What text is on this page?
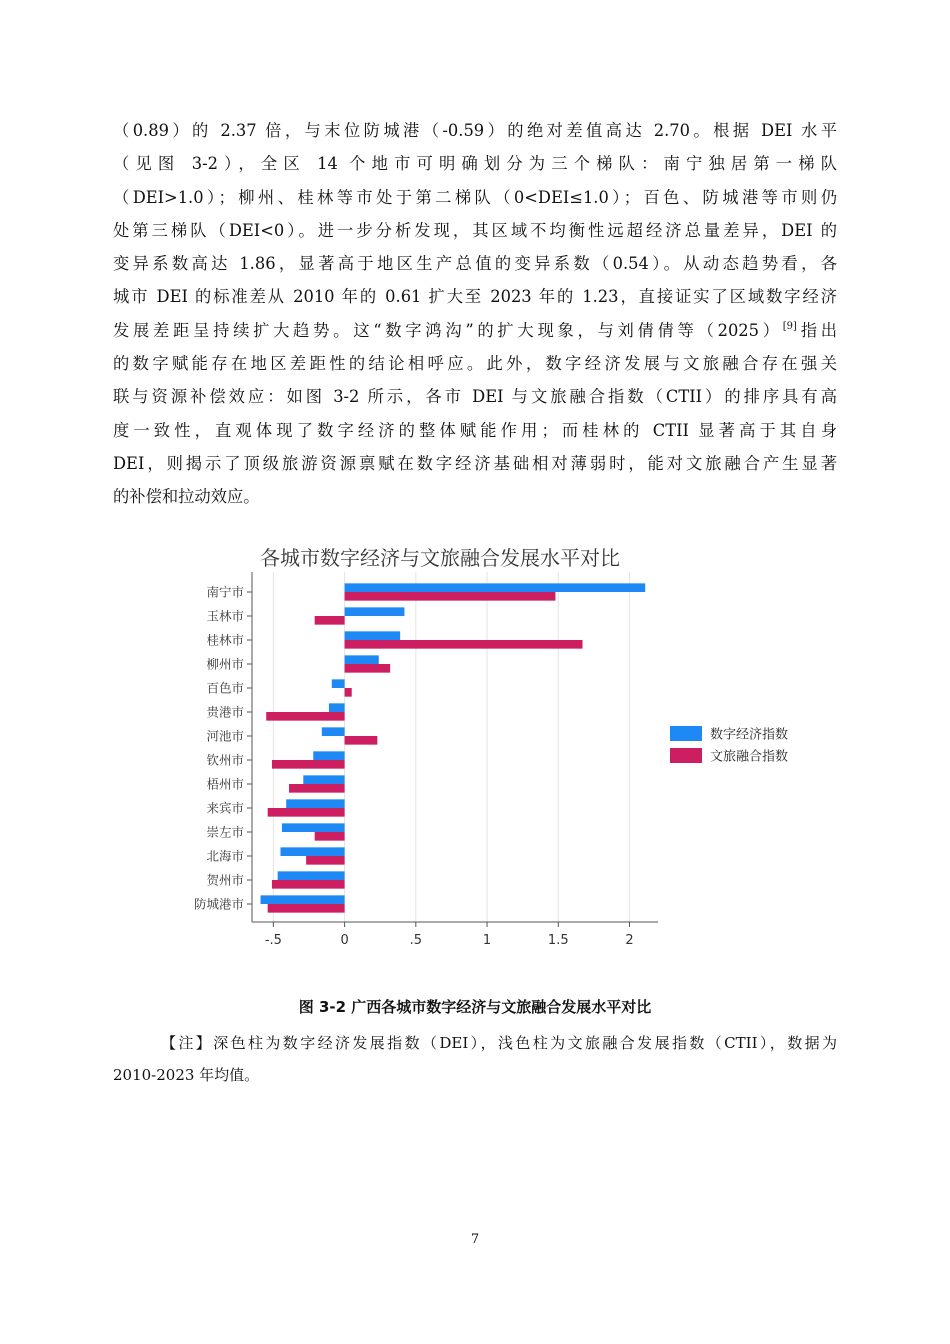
（0.89）的 2.37 倍，与末位防城港（-0.59）的绝对差值高达 2.70。根据 DEI 水平
（见图 3-2），全区 14 个地市可明确划分为三个梯队：南宁独居第一梯队
（DEI>1.0）；柳州、桂林等市处于第二梯队（0<DEI≤1.0）；百色、防城港等市则仍
处第三梯队（DEI<0）。进一步分析发现，其区域不均衡性远超经济总量差异，DEI 的
变异系数高达 1.86，显著高于地区生产总值的变异系数（0.54）。从动态趋势看，各
城市 DEI 的标准差从 2010 年的 0.61 扩大至 2023 年的 1.23，直接证实了区域数字经济
发展差距呈持续扩大趋势。这“数字鸿沟”的扩大现象，与刘倩倩等（2025）[9]指出
的数字赋能存在地区差距性的结论相呼应。此外，数字经济发展与文旅融合存在强关
联与资源补偿效应：如图 3-2 所示，各市 DEI 与文旅融合指数（CTII）的排序具有高
度一致性，直观体现了数字经济的整体赋能作用；而桂林的 CTII 显著高于其自身
DEI，则揭示了顶级旅游资源禀赋在数字经济基础相对薄弱时，能对文旅融合产生显著
的补偿和拉动效应。
各城市数字经济与文旅融合发展水平对比
-.5	0	.5	1	1.5	2
南宁市
玉林市
桂林市
柳州市
百色市
贵港市
河池市
钦州市
梧州市
来宾市
崇左市
北海市
贺州市
防城港市
数字经济指数
文旅融合指数
图 3-2 广西各城市数字经济与文旅融合发展水平对比
【注】深色柱为数字经济发展指数（DEI），浅色柱为文旅融合发展指数（CTII），数据为
2010-2023 年均值。
7
